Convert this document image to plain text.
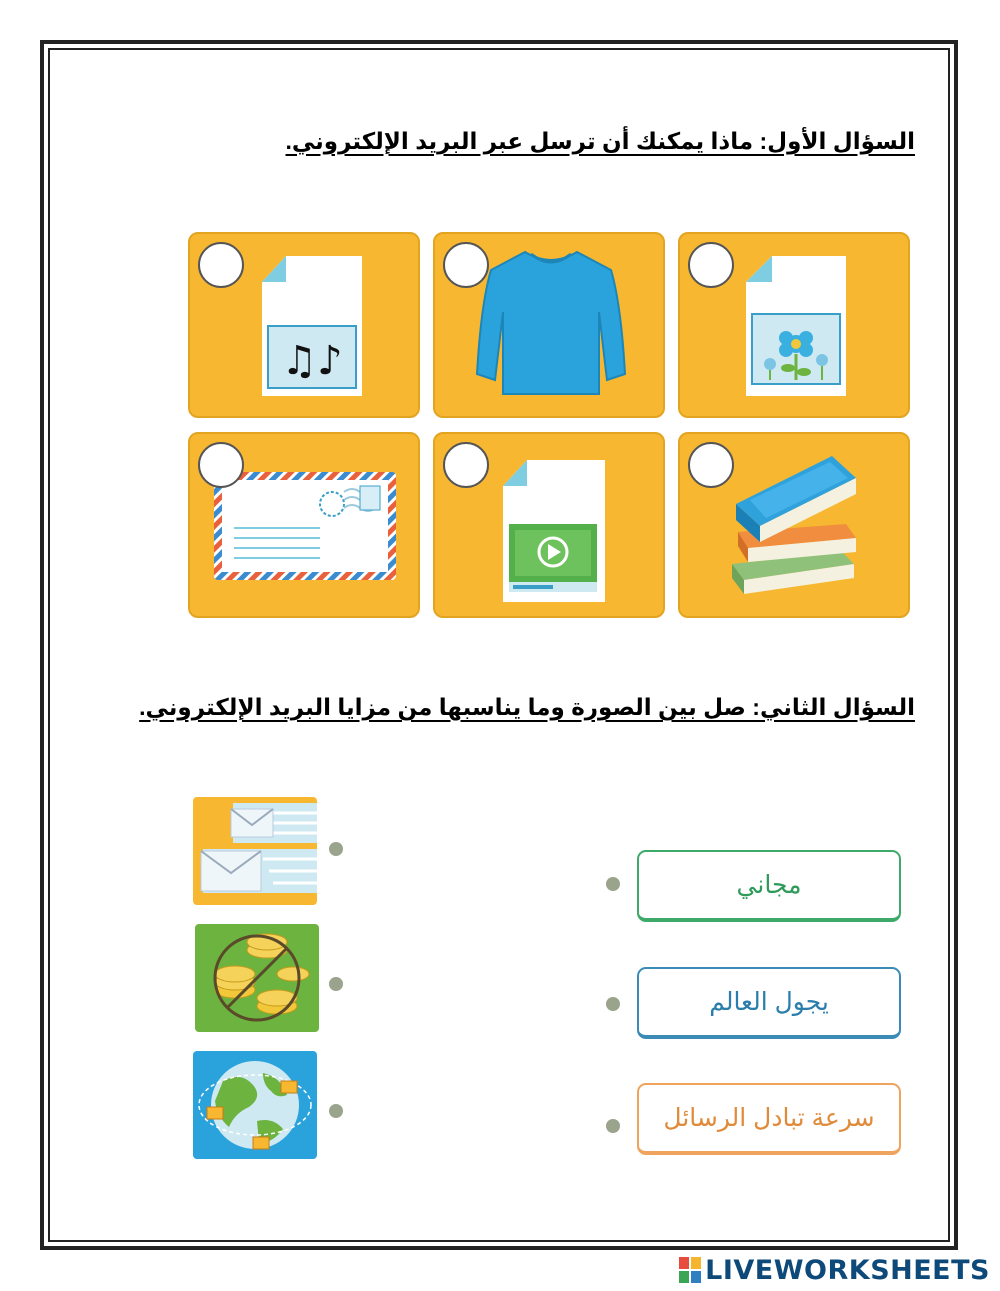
السؤال الأول: ماذا يمكنك أن ترسل عبر البريد الإلكتروني.
♫♪
السؤال الثاني: صل بين الصورة وما يناسبها من مزايا البريد الإلكتروني.
مجاني
يجول العالم
سرعة تبادل الرسائل
LIVEWORKSHEETS
